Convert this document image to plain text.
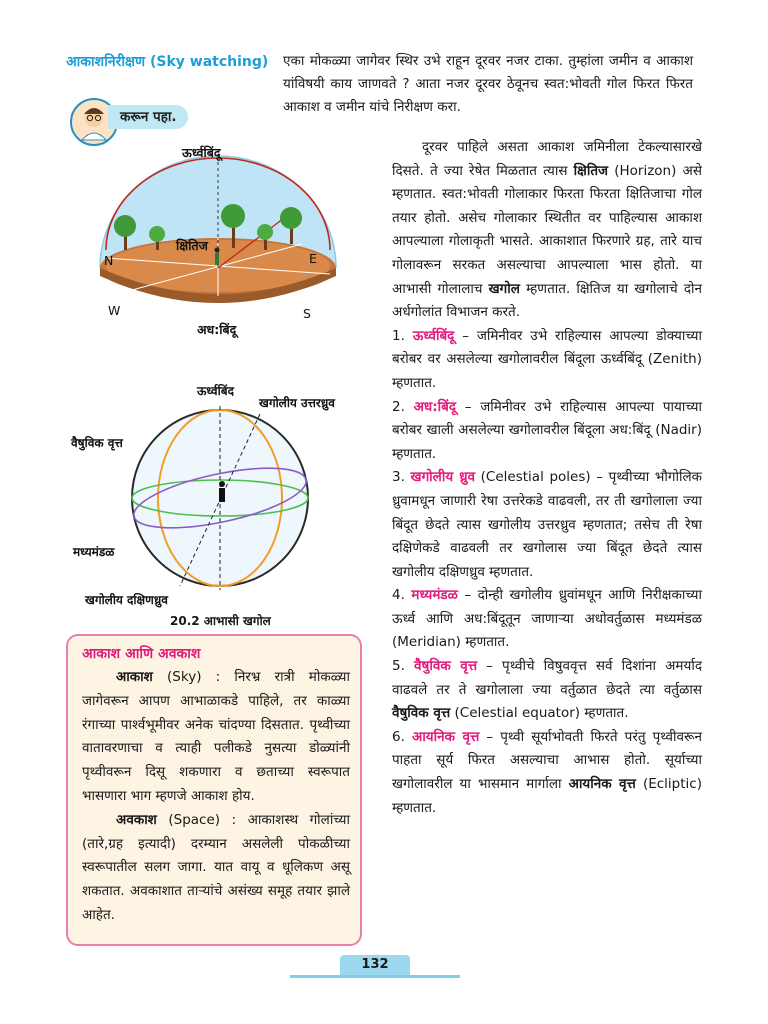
आकाशनिरीक्षण (Sky watching) एका मोकळ्या जागेवर स्थिर उभे राहून दूरवर नजर टाका. तुम्हांला जमीन व आकाश यांविषयी काय जाणवते ? आता नजर दूरवर ठेवूनच स्वत:भोवती गोल फिरत फिरत आकाश व जमीन यांचे निरीक्षण करा.
करून पहा.
ऊर्ध्वबिंदू
क्षितिज
N	E
W	S
अध:बिंदू
ऊर्ध्वबिंद
खगोलीय उत्तरध्रुव
वैषुविक वृत्त
मध्यमंडळ
खगोलीय दक्षिणध्रुव
20.2 आभासी खगोल

दूरवर पाहिले असता आकाश जमिनीला टेकल्यासारखे दिसते. ते ज्या रेषेत मिळतात त्यास क्षितिज (Horizon) असे म्हणतात. स्वत:भोवती गोलाकार फिरता फिरता क्षितिजाचा गोल तयार होतो. असेच गोलाकार स्थितीत वर पाहिल्यास आकाश आपल्याला गोलाकृती भासते. आकाशात फिरणारे ग्रह, तारे याच गोलावरून सरकत असल्याचा आपल्याला भास होतो. या आभासी गोलालाच खगोल म्हणतात. क्षितिज या खगोलाचे दोन अर्धगोलांत विभाजन करते.

1. ऊर्ध्वबिंदू – जमिनीवर उभे राहिल्यास आपल्या डोक्याच्या बरोबर वर असलेल्या खगोलावरील बिंदूला ऊर्ध्वबिंदू (Zenith) म्हणतात.

2. अध:बिंदू – जमिनीवर उभे राहिल्यास आपल्या पायाच्या बरोबर खाली असलेल्या खगोलावरील बिंदूला अध:बिंदू (Nadir) म्हणतात.

3. खगोलीय ध्रुव (Celestial poles) – पृथ्वीच्या भौगोलिक ध्रुवामधून जाणारी रेषा उत्तरेकडे वाढवली, तर ती खगोलाला ज्या बिंदूत छेदते त्यास खगोलीय उत्तरध्रुव म्हणतात; तसेच ती रेषा दक्षिणेकडे वाढवली तर खगोलास ज्या बिंदूत छेदते त्यास खगोलीय दक्षिणध्रुव म्हणतात.

4. मध्यमंडळ – दोन्ही खगोलीय ध्रुवांमधून आणि निरीक्षकाच्या ऊर्ध्व आणि अध:बिंदूतून जाणाऱ्या अधोवर्तुळास मध्यमंडळ (Meridian) म्हणतात.

5. वैषुविक वृत्त – पृथ्वीचे विषुववृत्त सर्व दिशांना अमर्याद वाढवले तर ते खगोलाला ज्या वर्तुळात छेदते त्या वर्तुळास वैषुविक वृत्त (Celestial equator) म्हणतात.

6. आयनिक वृत्त – पृथ्वी सूर्याभोवती फिरते परंतु पृथ्वीवरून पाहता सूर्य फिरत असल्याचा आभास होतो. सूर्याच्या खगोलावरील या भासमान मार्गाला आयनिक वृत्त (Ecliptic) म्हणतात.

आकाश आणि अवकाश

आकाश (Sky) : निरभ्र रात्री मोकळ्या जागेवरून आपण आभाळाकडे पाहिले, तर काळ्या रंगाच्या पार्श्वभूमीवर अनेक चांदण्या दिसतात. पृथ्वीच्या वातावरणाचा व त्याही पलीकडे नुसत्या डोळ्यांनी पृथ्वीवरून दिसू शकणारा व छताच्या स्वरूपात भासणारा भाग म्हणजे आकाश होय.

अवकाश (Space) : आकाशस्थ गोलांच्या (तारे,ग्रह इत्यादी) दरम्यान असलेली पोकळीच्या स्वरूपातील सलग जागा. यात वायू व धूलिकण असू शकतात. अवकाशात ताऱ्यांचे असंख्य समूह तयार झाले आहेत.

132
